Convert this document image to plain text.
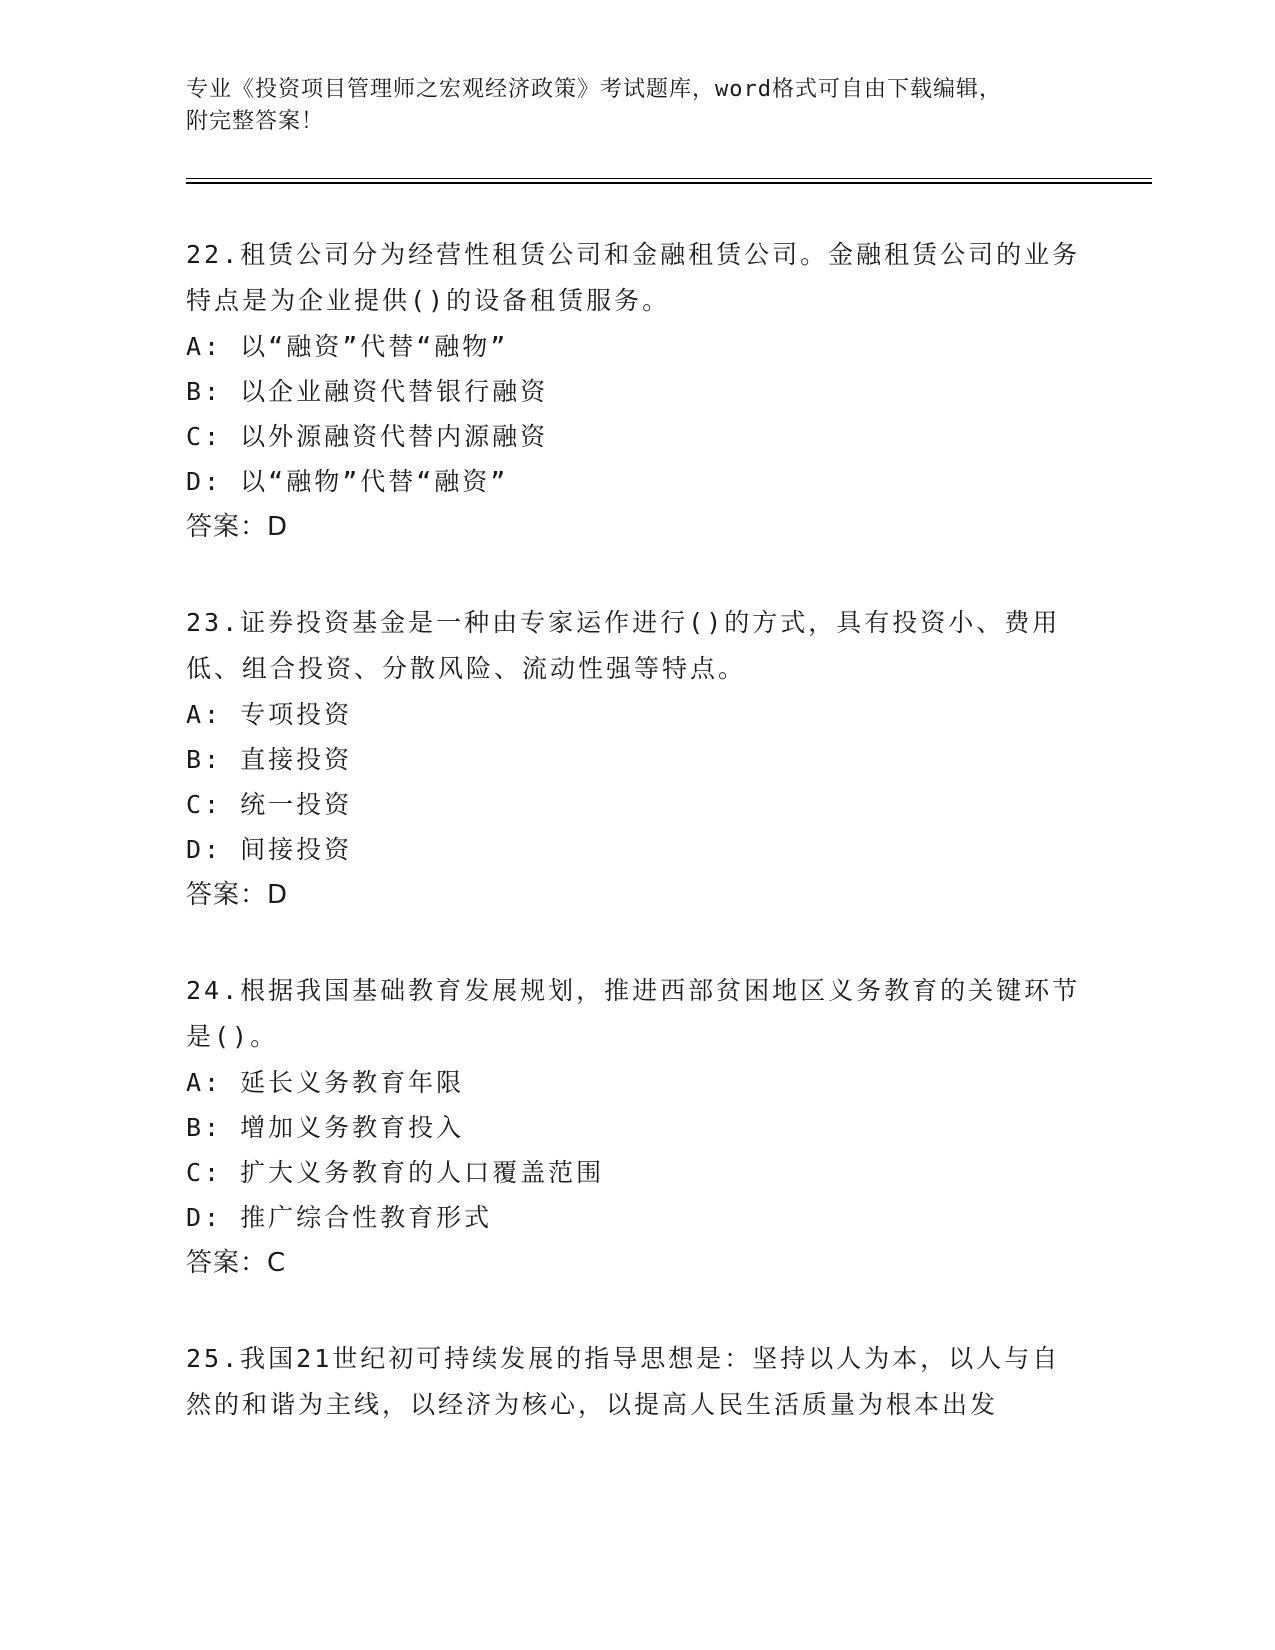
专业《投资项目管理师之宏观经济政策》考试题库，word格式可自由下载编辑，
附完整答案！
22.租赁公司分为经营性租赁公司和金融租赁公司。金融租赁公司的业务特点是为企业提供()的设备租赁服务。
A: 以“融资”代替“融物”
B: 以企业融资代替银行融资
C: 以外源融资代替内源融资
D: 以“融物”代替“融资”
答案：D
23.证券投资基金是一种由专家运作进行()的方式，具有投资小、费用低、组合投资、分散风险、流动性强等特点。
A: 专项投资
B: 直接投资
C: 统一投资
D: 间接投资
答案：D
24.根据我国基础教育发展规划，推进西部贫困地区义务教育的关键环节是()。
A: 延长义务教育年限
B: 增加义务教育投入
C: 扩大义务教育的人口覆盖范围
D: 推广综合性教育形式
答案：C
25.我国21世纪初可持续发展的指导思想是：坚持以人为本，以人与自然的和谐为主线，以经济为核心，以提高人民生活质量为根本出发
